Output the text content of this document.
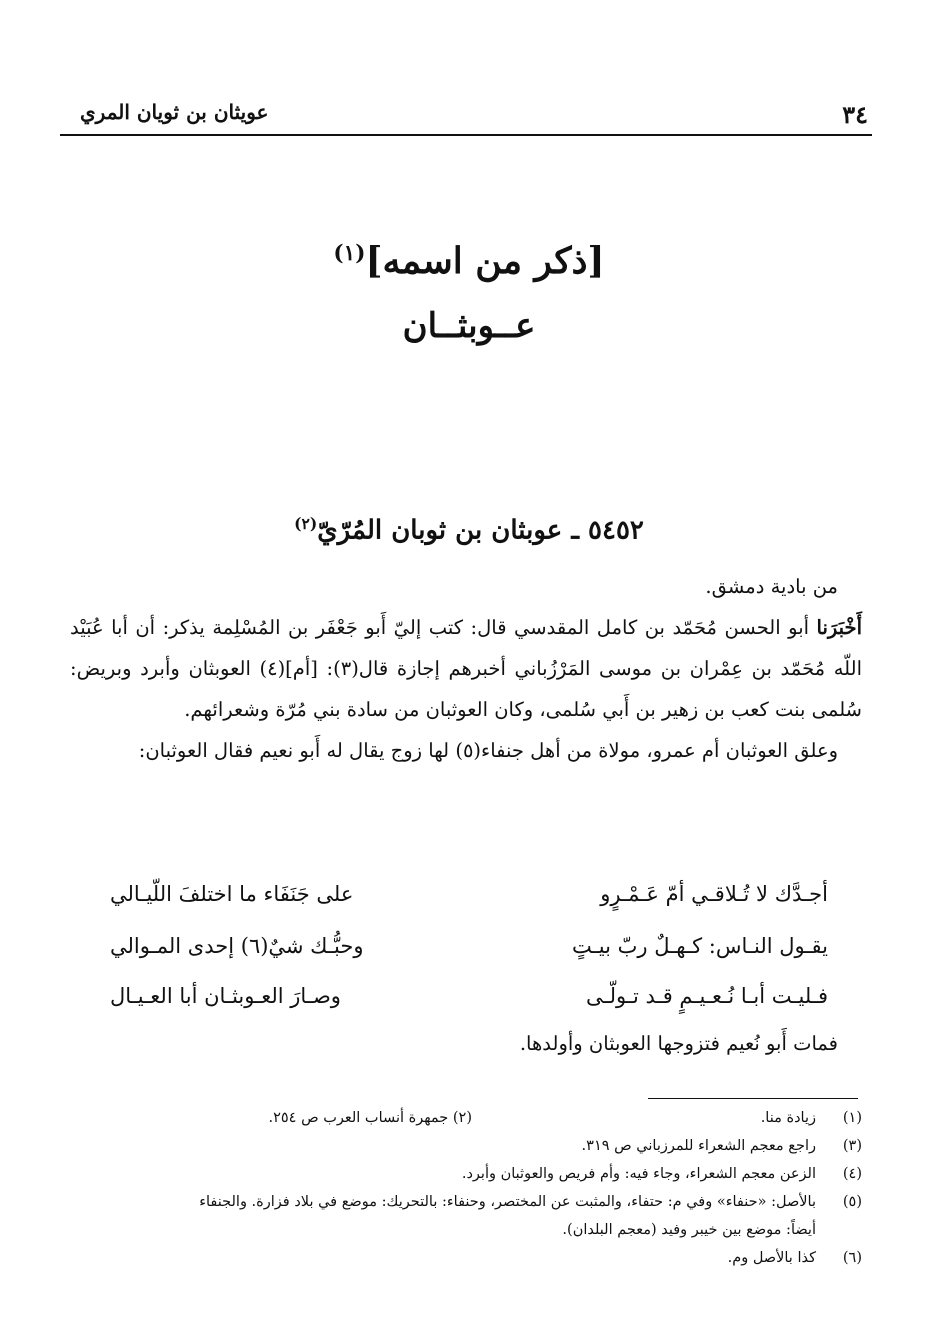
٣٤
عويثان بن ثويان المري
[ذكر من اسمه]$^{(١)}$
عــوبثــان
٥٤٥٢ ـ عوبثان بن ثوبان المُرّيّ$^{(٢)}$

من بادية دمشق.

أَخْبَرَنا أبو الحسن مُحَمّد بن كامل المقدسي قال: كتب إليّ أَبو جَعْفَر بن المُسْلِمة يذكر: أن أبا عُبَيْد اللّه مُحَمّد بن عِمْران بن موسى المَرْزُباني أخبرهم إجازة قال(٣): [أم](٤) العوبثان وأبرد وبريض: سُلمى بنت كعب بن زهير بن أَبي سُلمى، وكان العوثبان من سادة بني مُرّة وشعرائهم.

وعلق العوثبان أم عمرو، مولاة من أهل جنفاء(٥) لها زوج يقال له أَبو نعيم فقال العوثبان:

أجـدَّك لا تُـلاقـي أمّ عَـمْـرٍو
على جَنَفَاء ما اختلفَ اللّيـالي
يقـول النـاس: كـهـلٌ ربّ بيـتٍ
وحبُّـك شيٌ(٦) إحدى المـوالي
فـليـت أبـا نُـعـيـمٍ قـد تـولّـى
وصـارَ العـوبثـان أبا العـيـال
فمات أَبو نُعيم فتزوجها العوبثان وأولدها.
(١)
زيادة منا.
(٢) جمهرة أنساب العرب ص ٢٥٤.
(٣)
راجع معجم الشعراء للمرزباني ص ٣١٩.
(٤)
الزعن معجم الشعراء، وجاء فيه: وأم فريص والعوثبان وأبرد.
(٥)
بالأصل: «حنفاء» وفي م: حتفاء، والمثبت عن المختصر، وحنفاء: بالتحريك: موضع في بلاد فزارة. والجنفاء
أيضاً: موضع بين خيبر وفيد (معجم البلدان).
(٦)
كذا بالأصل وم.
